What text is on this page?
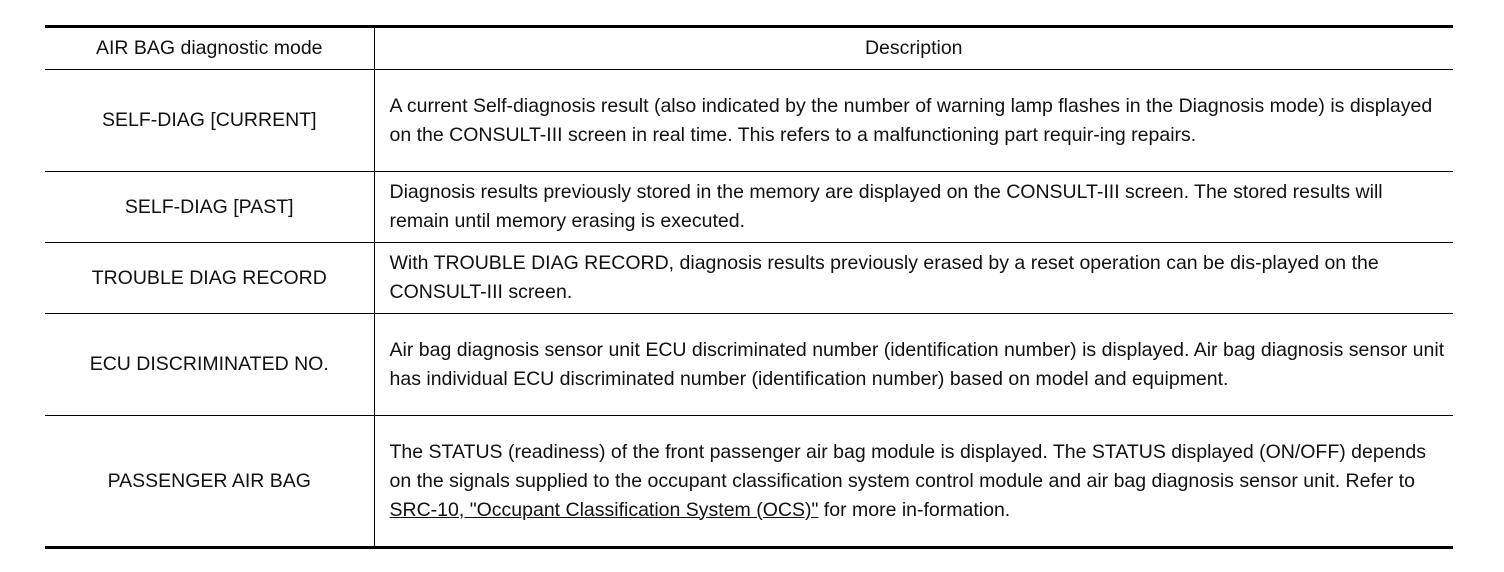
AIR BAG diagnostic mode	Description
SELF-DIAG [CURRENT]	A current Self-diagnosis result (also indicated by the number of warning lamp flashes in the Diagnosis mode) is displayed on the CONSULT-III screen in real time. This refers to a malfunctioning part requir-ing repairs.
SELF-DIAG [PAST]	Diagnosis results previously stored in the memory are displayed on the CONSULT-III screen. The stored results will remain until memory erasing is executed.
TROUBLE DIAG RECORD	With TROUBLE DIAG RECORD, diagnosis results previously erased by a reset operation can be dis-played on the CONSULT-III screen.
ECU DISCRIMINATED NO.	Air bag diagnosis sensor unit ECU discriminated number (identification number) is displayed. Air bag diagnosis sensor unit has individual ECU discriminated number (identification number) based on model and equipment.
PASSENGER AIR BAG	The STATUS (readiness) of the front passenger air bag module is displayed. The STATUS displayed (ON/OFF) depends on the signals supplied to the occupant classification system control module and air bag diagnosis sensor unit. Refer to SRC-10, "Occupant Classification System (OCS)" for more in-formation.
